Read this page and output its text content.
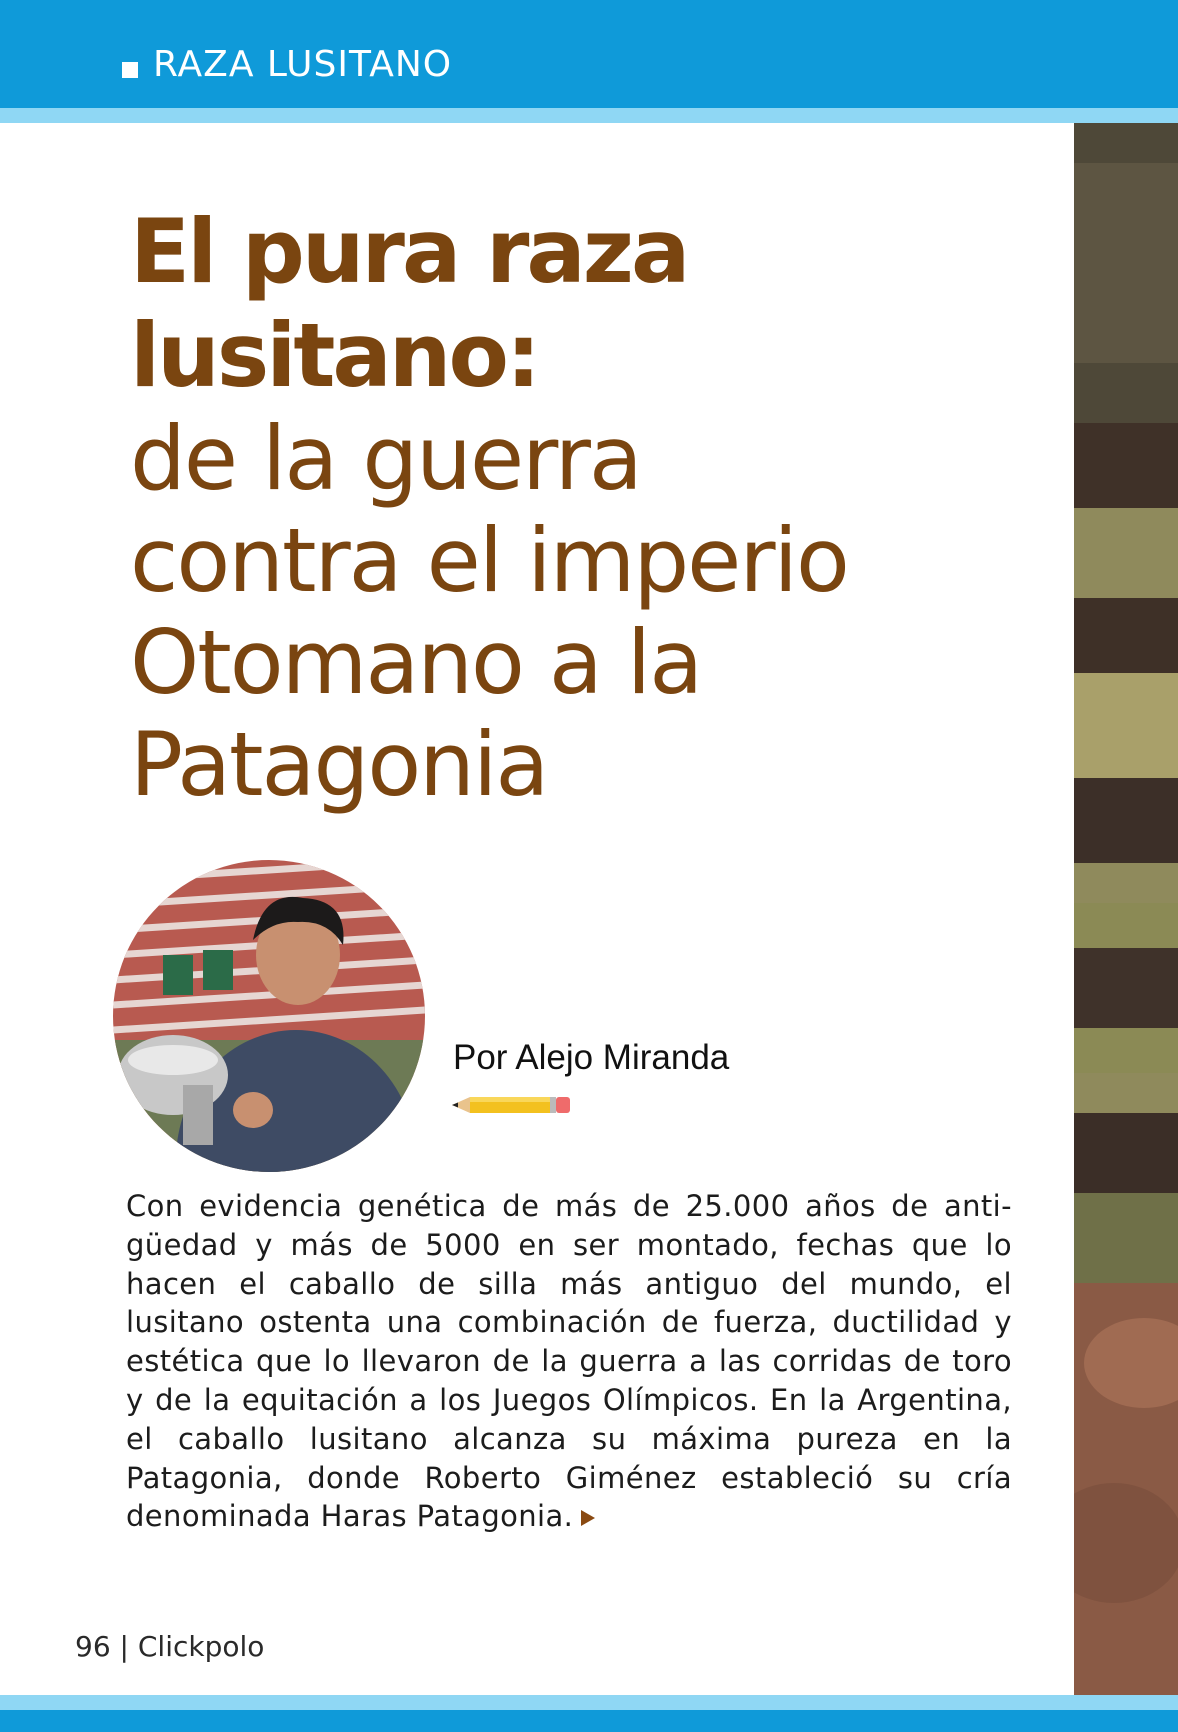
RAZA LUSITANO
El pura raza
lusitano:
de la guerra
contra el imperio
Otomano a la
Patagonia
Por Alejo Miranda
Con evidencia genética de más de 25.000 años de anti-güedad y más de 5000 en ser montado, fechas que lo hacen el caballo de silla más antiguo del mundo, el lusitano ostenta una combinación de fuerza, ductilidad y estética que lo llevaron de la guerra a las corridas de toro y de la equitación a los Juegos Olímpicos. En la Argentina, el caballo lusitano alcanza su máxima pureza en la Patagonia, donde Roberto Giménez estableció su cría denominada Haras Patagonia.
96 | Clickpolo
